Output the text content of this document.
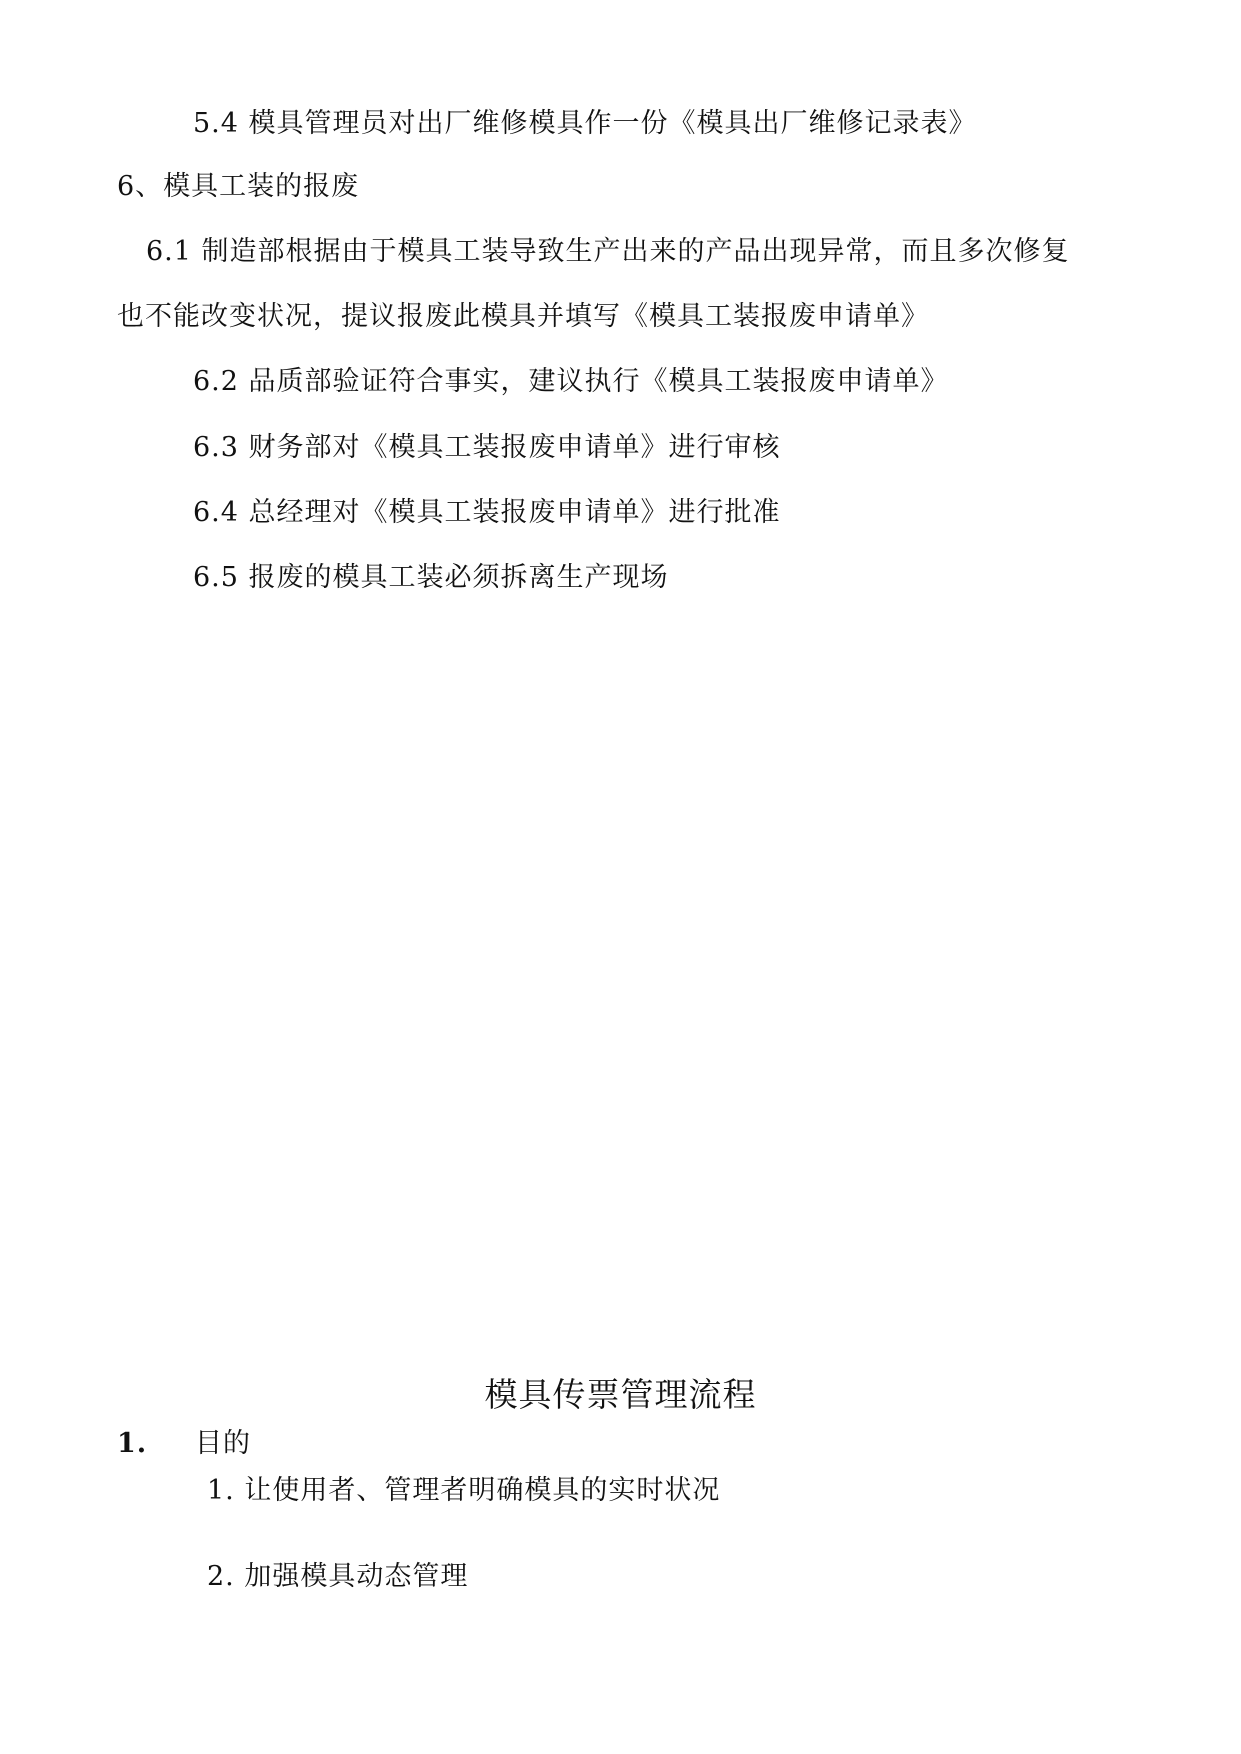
5.4 模具管理员对出厂维修模具作一份《模具出厂维修记录表》
6、模具工装的报废
6.1 制造部根据由于模具工装导致生产出来的产品出现异常，而且多次修复
也不能改变状况，提议报废此模具并填写《模具工装报废申请单》
6.2 品质部验证符合事实，建议执行《模具工装报废申请单》
6.3 财务部对《模具工装报废申请单》进行审核
6.4 总经理对《模具工装报废申请单》进行批准
6.5 报废的模具工装必须拆离生产现场
模具传票管理流程
1. 目的
1. 让使用者、管理者明确模具的实时状况
2. 加强模具动态管理
